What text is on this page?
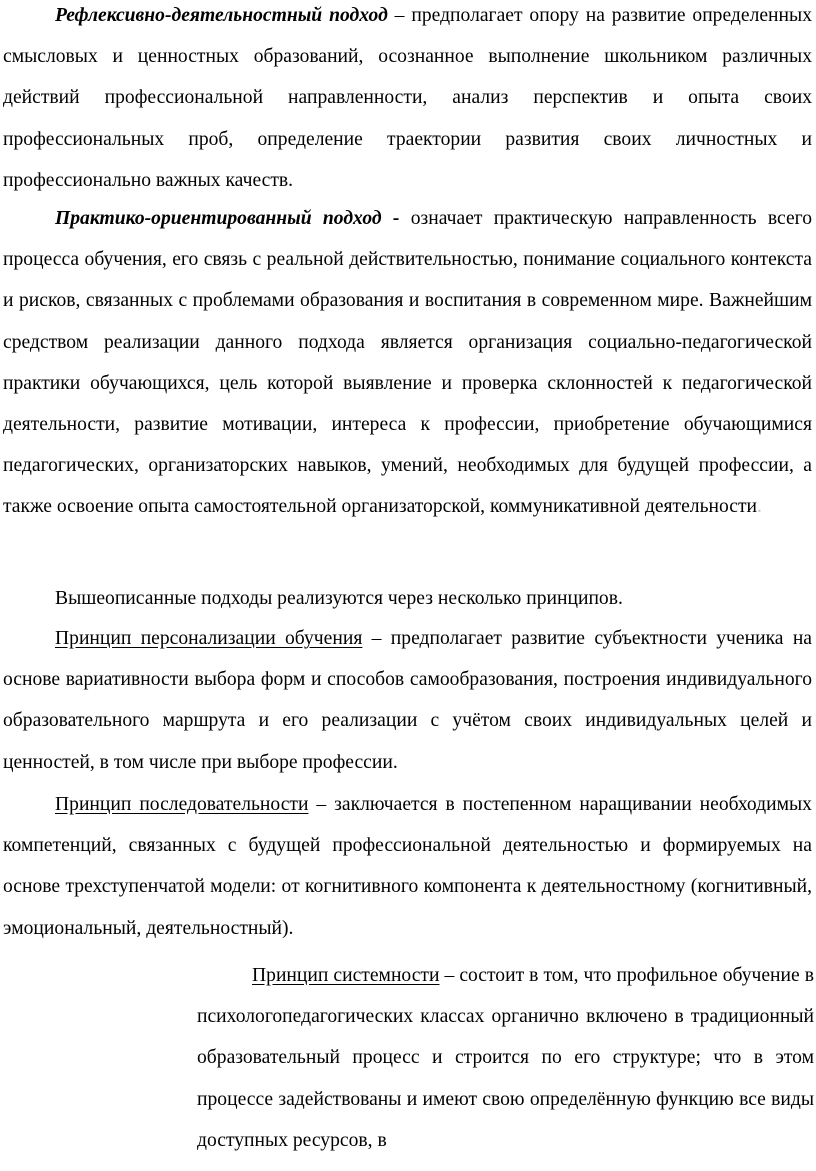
Рефлексивно-деятельностный подход – предполагает опору на развитие определенных смысловых и ценностных образований, осознанное выполнение школьником различных действий профессиональной направленности, анализ перспектив и опыта своих профессиональных проб, определение траектории развития своих личностных и профессионально важных качеств.

Практико-ориентированный подход - означает практическую направленность всего процесса обучения, его связь с реальной действительностью, понимание социального контекста и рисков, связанных с проблемами образования и воспитания в современном мире. Важнейшим средством реализации данного подхода является организация социально-педагогической практики обучающихся, цель которой выявление и проверка склонностей к педагогической деятельности, развитие мотивации, интереса к профессии, приобретение обучающимися педагогических, организаторских навыков, умений, необходимых для будущей профессии, а также освоение опыта самостоятельной организаторской, коммуникативной деятельности.

Вышеописанные подходы реализуются через несколько принципов.

Принцип персонализации обучения – предполагает развитие субъектности ученика на основе вариативности выбора форм и способов самообразования, построения индивидуального образовательного маршрута и его реализации с учётом своих индивидуальных целей и ценностей, в том числе при выборе профессии.

Принцип последовательности – заключается в постепенном наращивании необходимых компетенций, связанных с будущей профессиональной деятельностью и формируемых на основе трехступенчатой модели: от когнитивного компонента к деятельностному (когнитивный, эмоциональный, деятельностный).

Принцип системности – состоит в том, что профильное обучение в психологопедагогических классах органично включено в традиционный образовательный процесс и строится по его структуре; что в этом процессе задействованы и имеют свою определённую функцию все виды доступных ресурсов, в
